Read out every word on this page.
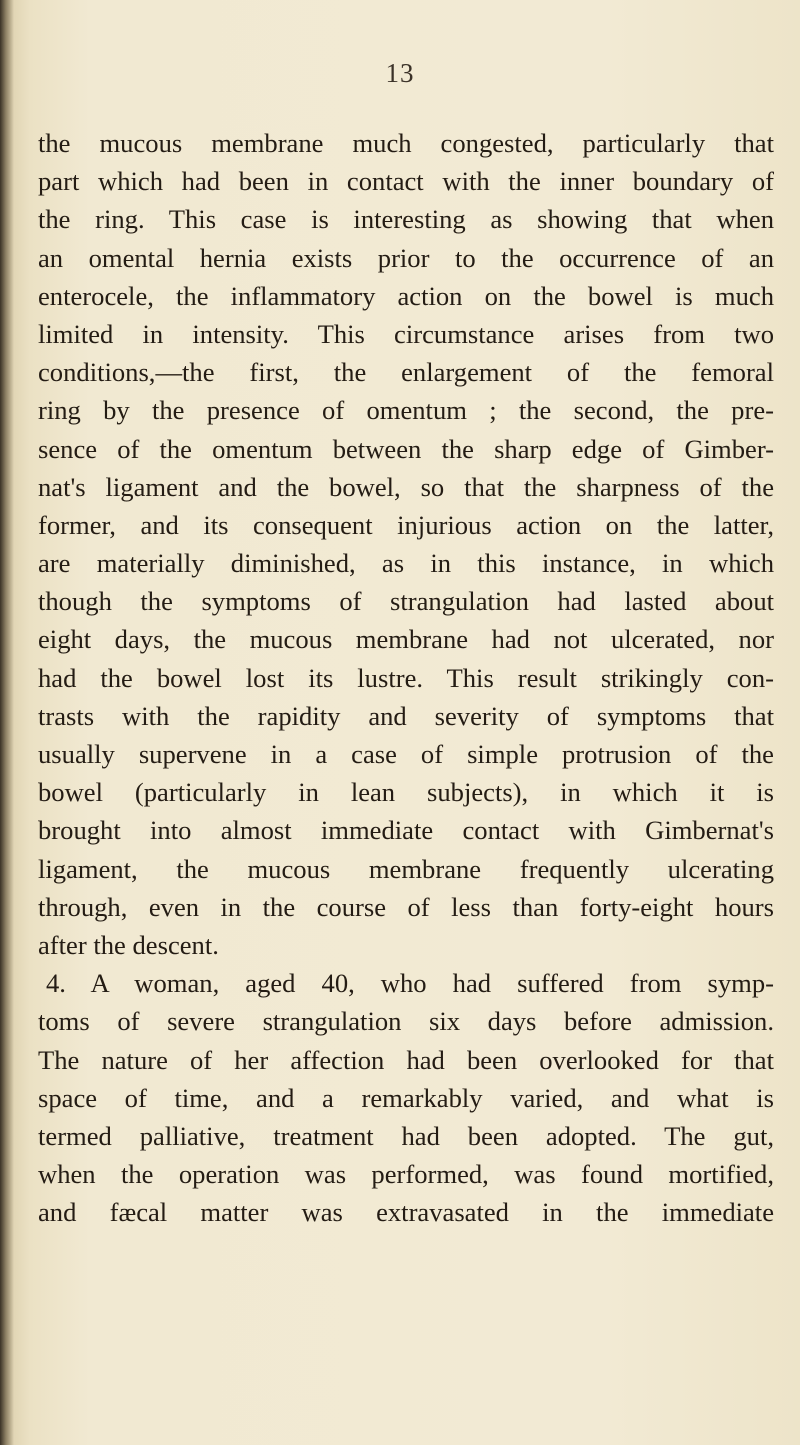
13
the mucous membrane much congested, particularly that
part which had been in contact with the inner boundary of
the ring. This case is interesting as showing that when
an omental hernia exists prior to the occurrence of an
enterocele, the inflammatory action on the bowel is much
limited in intensity. This circumstance arises from two
conditions,—the first, the enlargement of the femoral
ring by the presence of omentum ; the second, the pre-
sence of the omentum between the sharp edge of Gimber-
nat's ligament and the bowel, so that the sharpness of the
former, and its consequent injurious action on the latter,
are materially diminished, as in this instance, in which
though the symptoms of strangulation had lasted about
eight days, the mucous membrane had not ulcerated, nor
had the bowel lost its lustre. This result strikingly con-
trasts with the rapidity and severity of symptoms that
usually supervene in a case of simple protrusion of the
bowel (particularly in lean subjects), in which it is
brought into almost immediate contact with Gimbernat's
ligament, the mucous membrane frequently ulcerating
through, even in the course of less than forty-eight hours
after the descent.
4. A woman, aged 40, who had suffered from symp-
toms of severe strangulation six days before admission.
The nature of her affection had been overlooked for that
space of time, and a remarkably varied, and what is
termed palliative, treatment had been adopted. The gut,
when the operation was performed, was found mortified,
and fæcal matter was extravasated in the immediate
